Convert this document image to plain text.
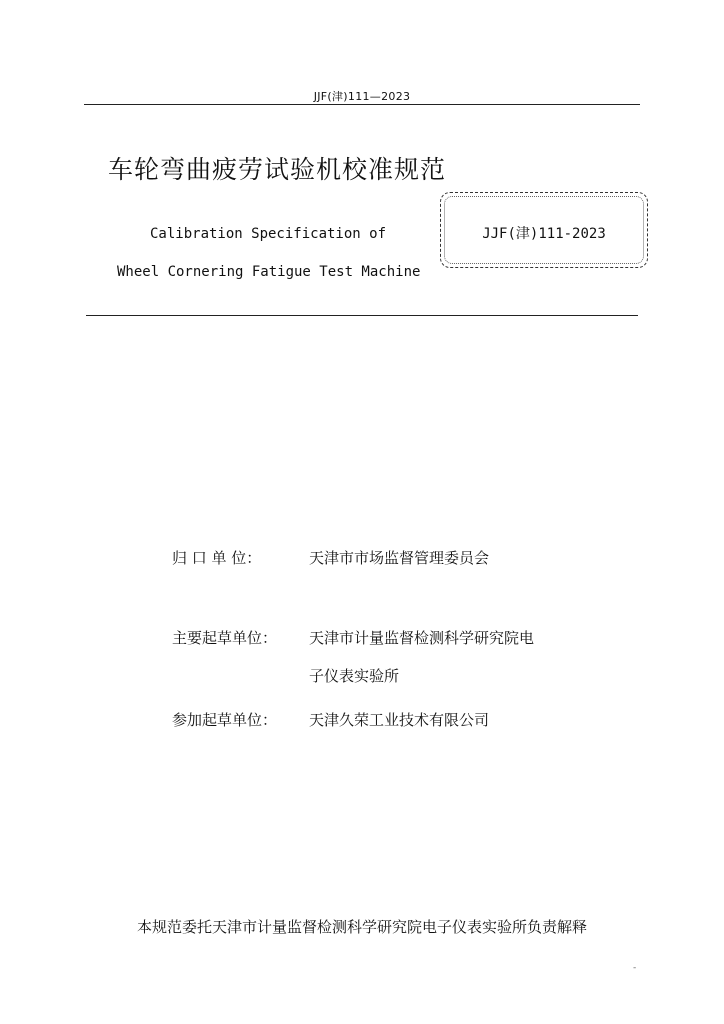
JJF(津)111—2023
车轮弯曲疲劳试验机校准规范
Calibration Specification of
Wheel Cornering Fatigue Test Machine
JJF(津)111-2023
归 口 单 位：	天津市市场监督管理委员会
主要起草单位： 天津市计量监督检测科学研究院电
子仪表实验所
参加起草单位： 天津久荣工业技术有限公司
本规范委托天津市计量监督检测科学研究院电子仪表实验所负责解释
-
